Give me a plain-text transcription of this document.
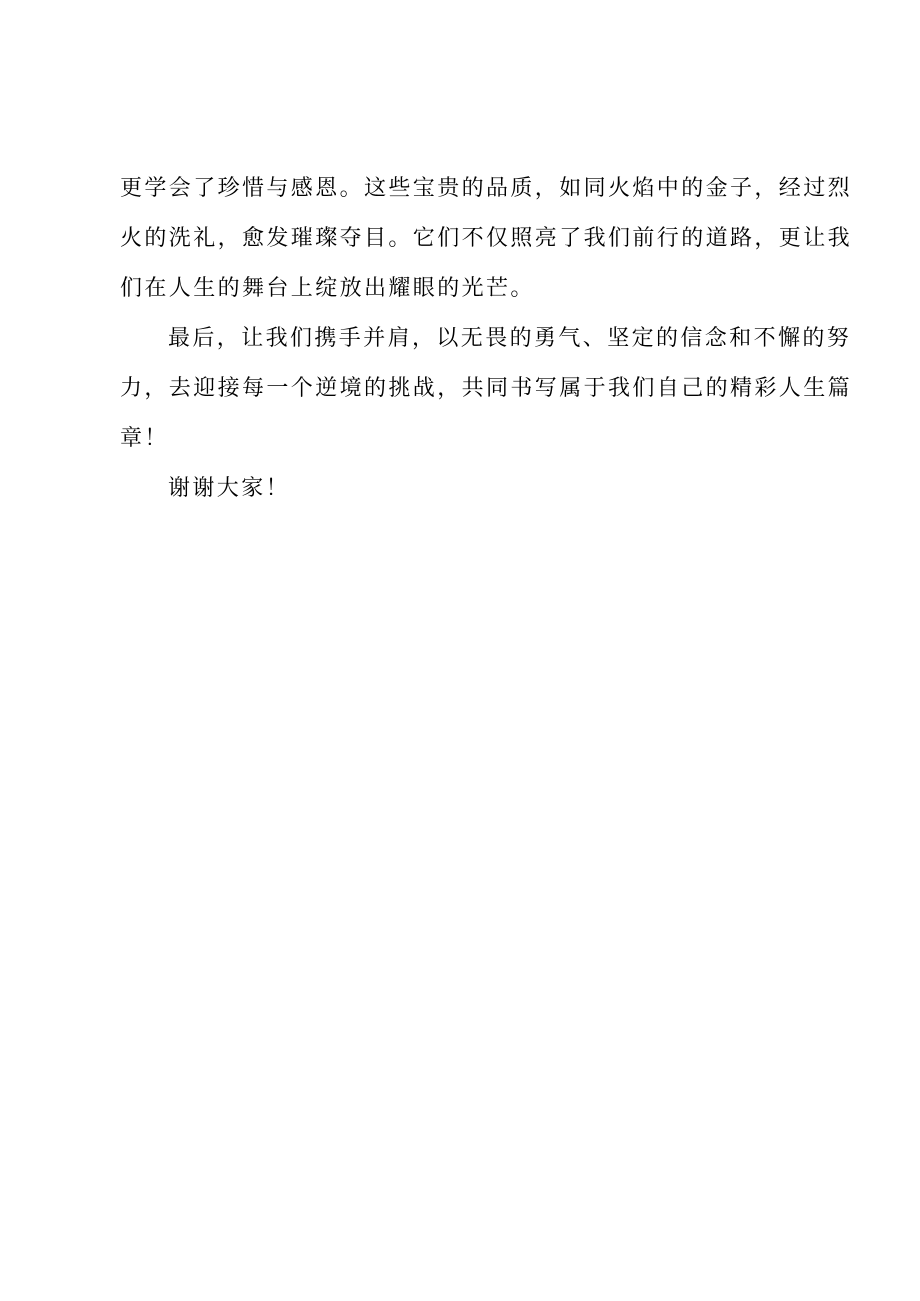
更学会了珍惜与感恩。这些宝贵的品质，如同火焰中的金子，经过烈
火的洗礼，愈发璀璨夺目。它们不仅照亮了我们前行的道路，更让我
们在人生的舞台上绽放出耀眼的光芒。
最后，让我们携手并肩，以无畏的勇气、坚定的信念和不懈的努
力，去迎接每一个逆境的挑战，共同书写属于我们自己的精彩人生篇
章！
谢谢大家！
